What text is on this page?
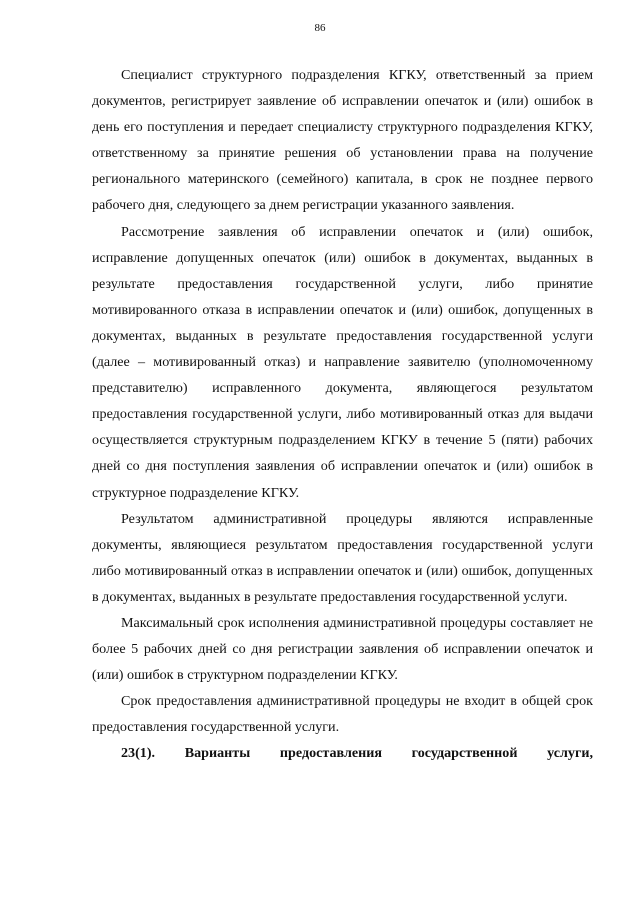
86

Специалист структурного подразделения КГКУ, ответственный за прием документов, регистрирует заявление об исправлении опечаток и (или) ошибок в день его поступления и передает специалисту структурного подразделения КГКУ, ответственному за принятие решения об установлении права на получение регионального материнского (семейного) капитала, в срок не позднее первого рабочего дня, следующего за днем регистрации указанного заявления.

Рассмотрение заявления об исправлении опечаток и (или) ошибок, исправление допущенных опечаток (или) ошибок в документах, выданных в результате предоставления государственной услуги, либо принятие мотивированного отказа в исправлении опечаток и (или) ошибок, допущенных в документах, выданных в результате предоставления государственной услуги (далее – мотивированный отказ) и направление заявителю (уполномоченному представителю) исправленного документа, являющегося результатом предоставления государственной услуги, либо мотивированный отказ для выдачи осуществляется структурным подразделением КГКУ в течение 5 (пяти) рабочих дней со дня поступления заявления об исправлении опечаток и (или) ошибок в структурное подразделение КГКУ.

Результатом административной процедуры являются исправленные документы, являющиеся результатом предоставления государственной услуги либо мотивированный отказ в исправлении опечаток и (или) ошибок, допущенных в документах, выданных в результате предоставления государственной услуги.

Максимальный срок исполнения административной процедуры составляет не более 5 рабочих дней со дня регистрации заявления об исправлении опечаток и (или) ошибок в структурном подразделении КГКУ.

Срок предоставления административной процедуры не входит в общей срок предоставления государственной услуги.

23(1). Варианты предоставления государственной услуги,
